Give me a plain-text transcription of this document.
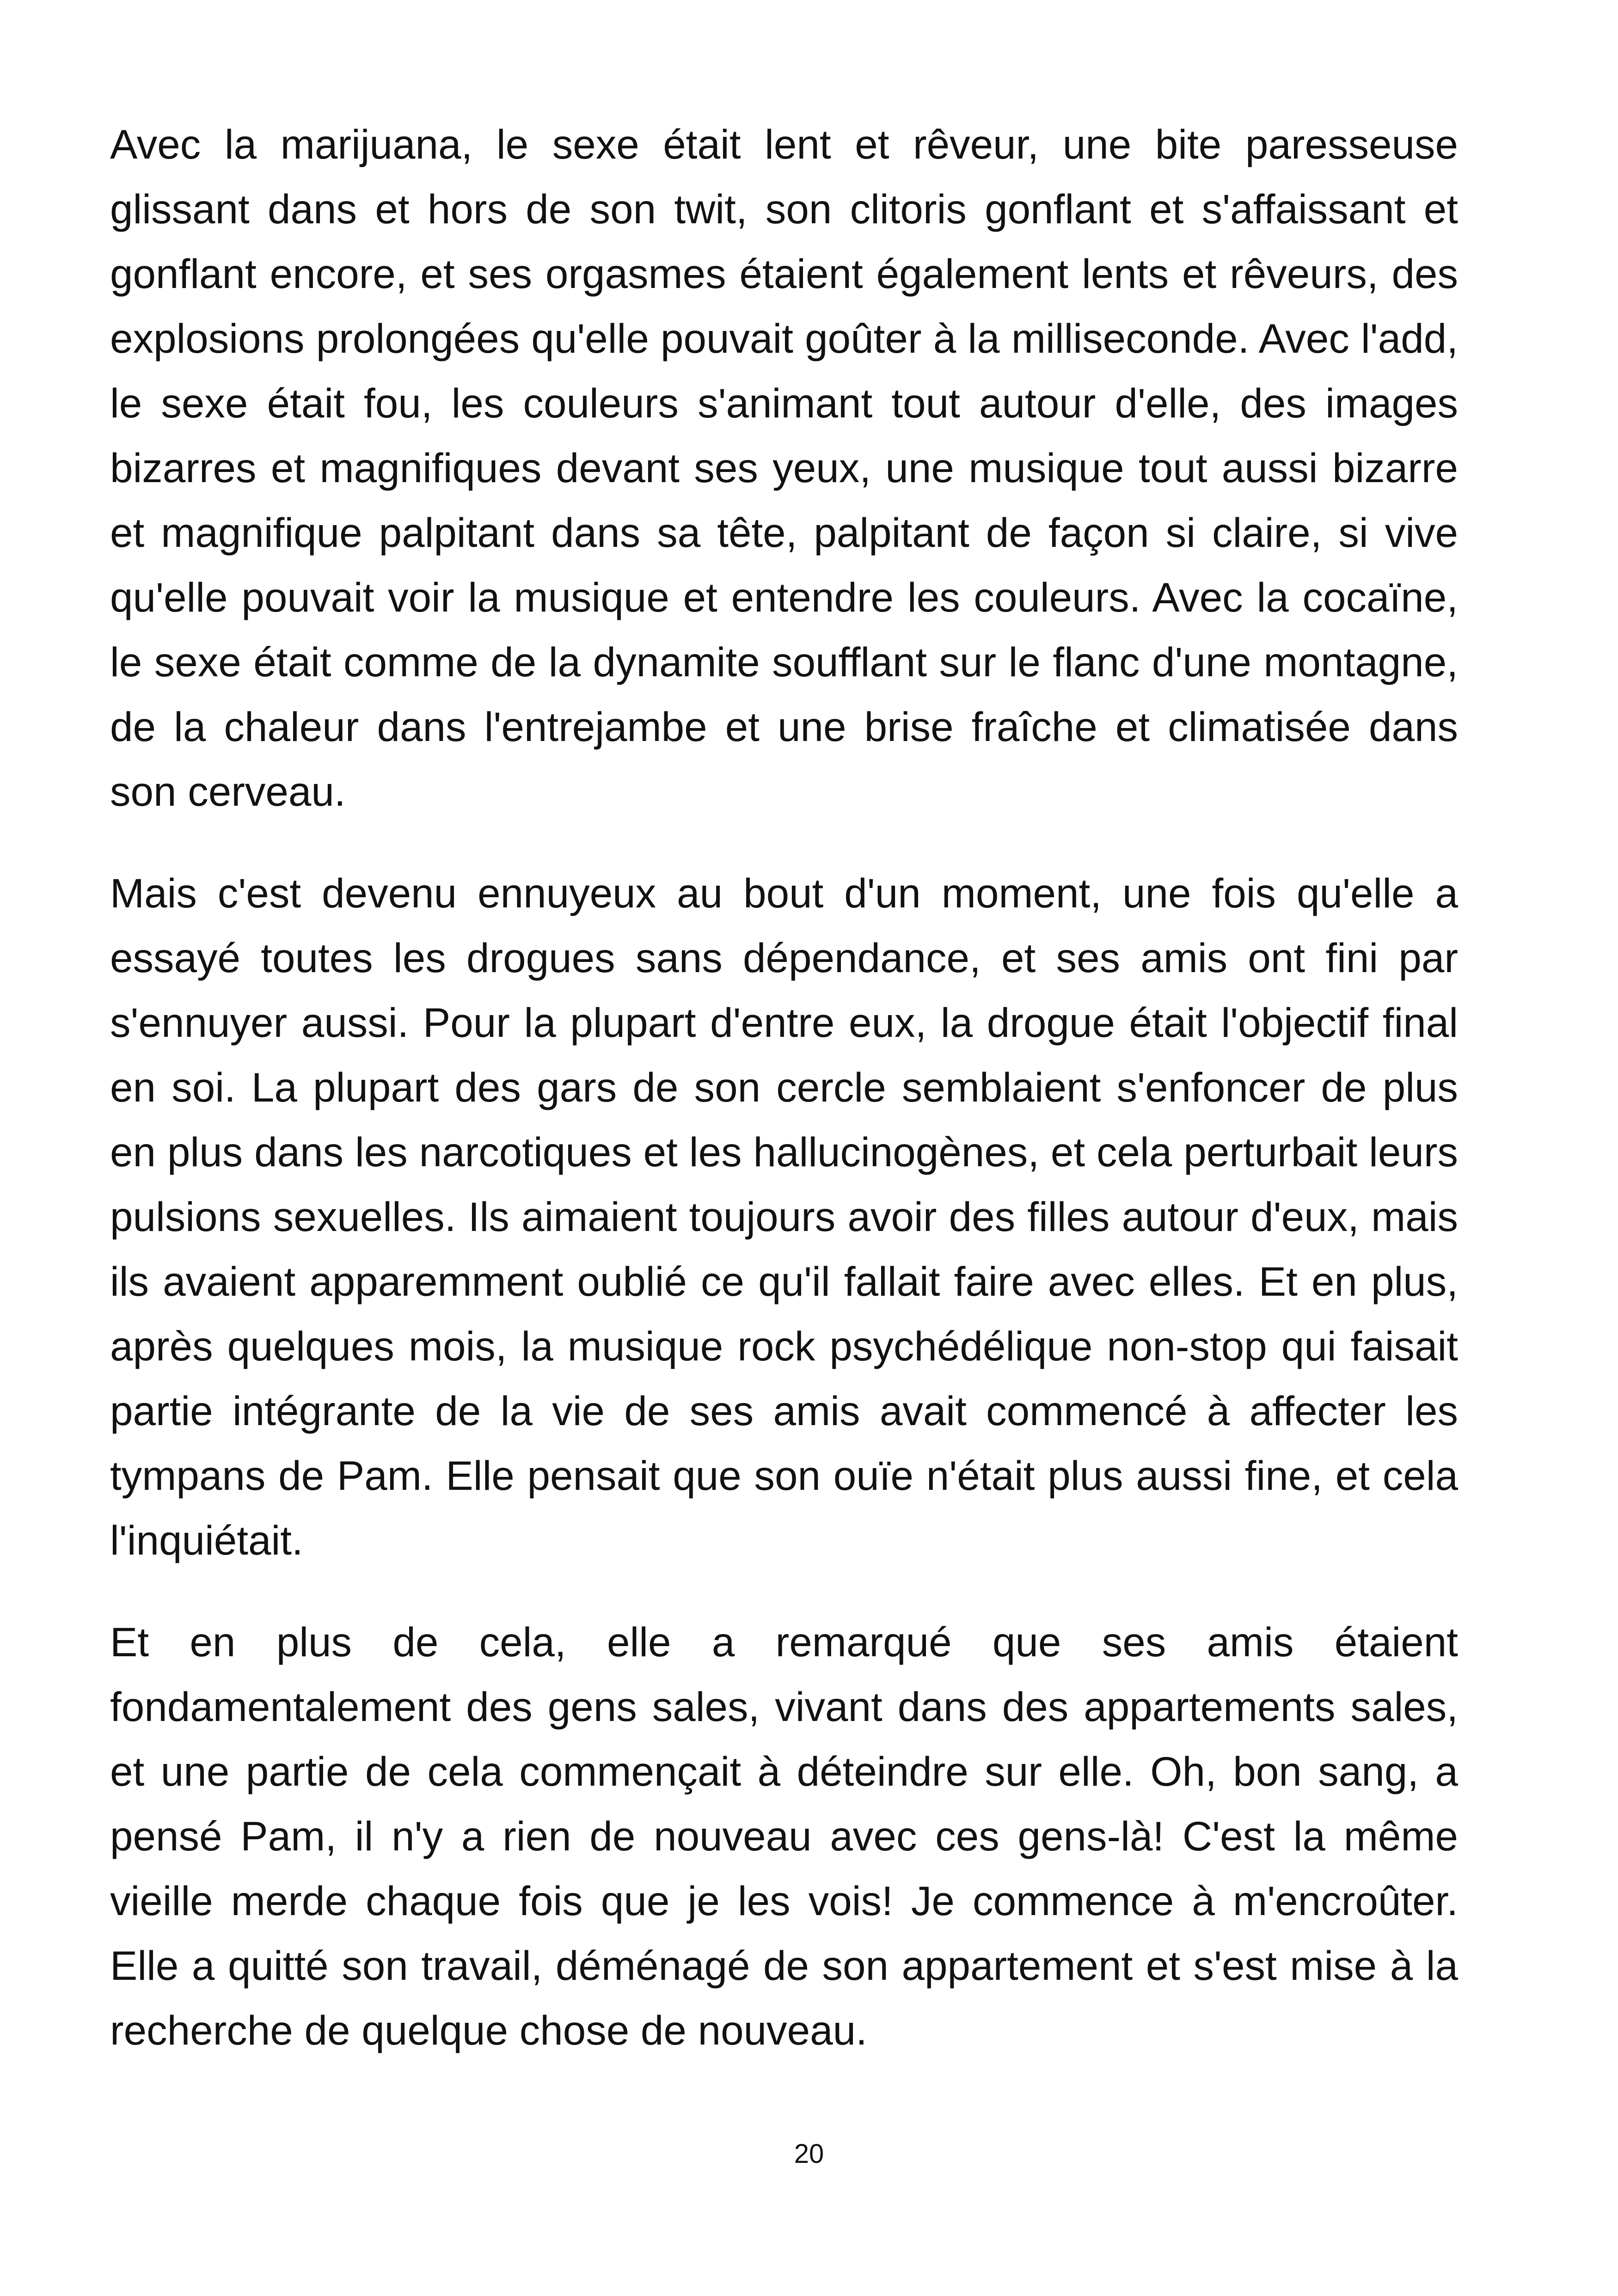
Avec la marijuana, le sexe était lent et rêveur, une bite paresseuse glissant dans et hors de son twit, son clitoris gonflant et s'affaissant et gonflant encore, et ses orgasmes étaient également lents et rêveurs, des explosions prolongées qu'elle pouvait goûter à la milliseconde. Avec l'add, le sexe était fou, les couleurs s'animant tout autour d'elle, des images bizarres et magnifiques devant ses yeux, une musique tout aussi bizarre et magnifique palpitant dans sa tête, palpitant de façon si claire, si vive qu'elle pouvait voir la musique et entendre les couleurs. Avec la cocaïne, le sexe était comme de la dynamite soufflant sur le flanc d'une montagne, de la chaleur dans l'entrejambe et une brise fraîche et climatisée dans son cerveau.

Mais c'est devenu ennuyeux au bout d'un moment, une fois qu'elle a essayé toutes les drogues sans dépendance, et ses amis ont fini par s'ennuyer aussi. Pour la plupart d'entre eux, la drogue était l'objectif final en soi. La plupart des gars de son cercle semblaient s'enfoncer de plus en plus dans les narcotiques et les hallucinogènes, et cela perturbait leurs pulsions sexuelles. Ils aimaient toujours avoir des filles autour d'eux, mais ils avaient apparemment oublié ce qu'il fallait faire avec elles. Et en plus, après quelques mois, la musique rock psychédélique non-stop qui faisait partie intégrante de la vie de ses amis avait commencé à affecter les tympans de Pam. Elle pensait que son ouïe n'était plus aussi fine, et cela l'inquiétait.

Et en plus de cela, elle a remarqué que ses amis étaient fondamentalement des gens sales, vivant dans des appartements sales, et une partie de cela commençait à déteindre sur elle. Oh, bon sang, a pensé Pam, il n'y a rien de nouveau avec ces gens-là! C'est la même vieille merde chaque fois que je les vois! Je commence à m'encroûter. Elle a quitté son travail, déménagé de son appartement et s'est mise à la recherche de quelque chose de nouveau.

20
